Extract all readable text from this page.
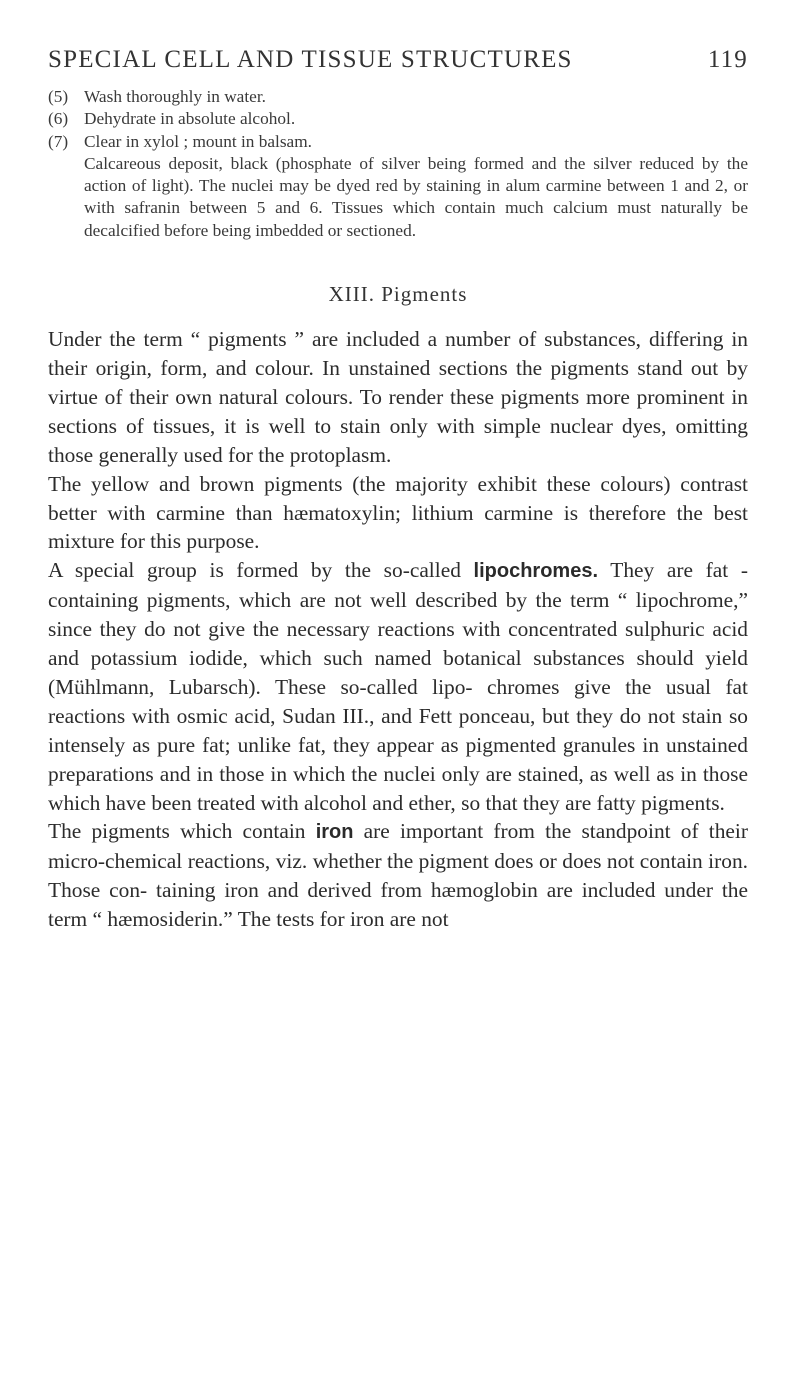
SPECIAL CELL AND TISSUE STRUCTURES	119
(5) Wash thoroughly in water.
(6) Dehydrate in absolute alcohol.
(7) Clear in xylol ; mount in balsam.

Calcareous deposit, black (phosphate of silver being formed and the silver reduced by the action of light). The nuclei may be dyed red by staining in alum carmine between 1 and 2, or with safranin between 5 and 6. Tissues which contain much calcium must naturally be decalcified before being imbedded or sectioned.

XIII. Pigments

Under the term “ pigments ” are included a number of substances, differing in their origin, form, and colour. In unstained sections the pigments stand out by virtue of their own natural colours. To render these pigments more prominent in sections of tissues, it is well to stain only with simple nuclear dyes, omitting those generally used for the protoplasm.

The yellow and brown pigments (the majority exhibit these colours) contrast better with carmine than hæmatoxylin; lithium carmine is therefore the best mixture for this purpose.

A special group is formed by the so-called lipochromes. They are fat - containing pigments, which are not well described by the term “ lipochrome,” since they do not give the necessary reactions with concentrated sulphuric acid and potassium iodide, which such named botanical substances should yield (Mühlmann, Lubarsch). These so-called lipo- chromes give the usual fat reactions with osmic acid, Sudan III., and Fett ponceau, but they do not stain so intensely as pure fat; unlike fat, they appear as pigmented granules in unstained preparations and in those in which the nuclei only are stained, as well as in those which have been treated with alcohol and ether, so that they are fatty pigments.

The pigments which contain iron are important from the standpoint of their micro-chemical reactions, viz. whether the pigment does or does not contain iron. Those con- taining iron and derived from hæmoglobin are included under the term “ hæmosiderin.” The tests for iron are not
